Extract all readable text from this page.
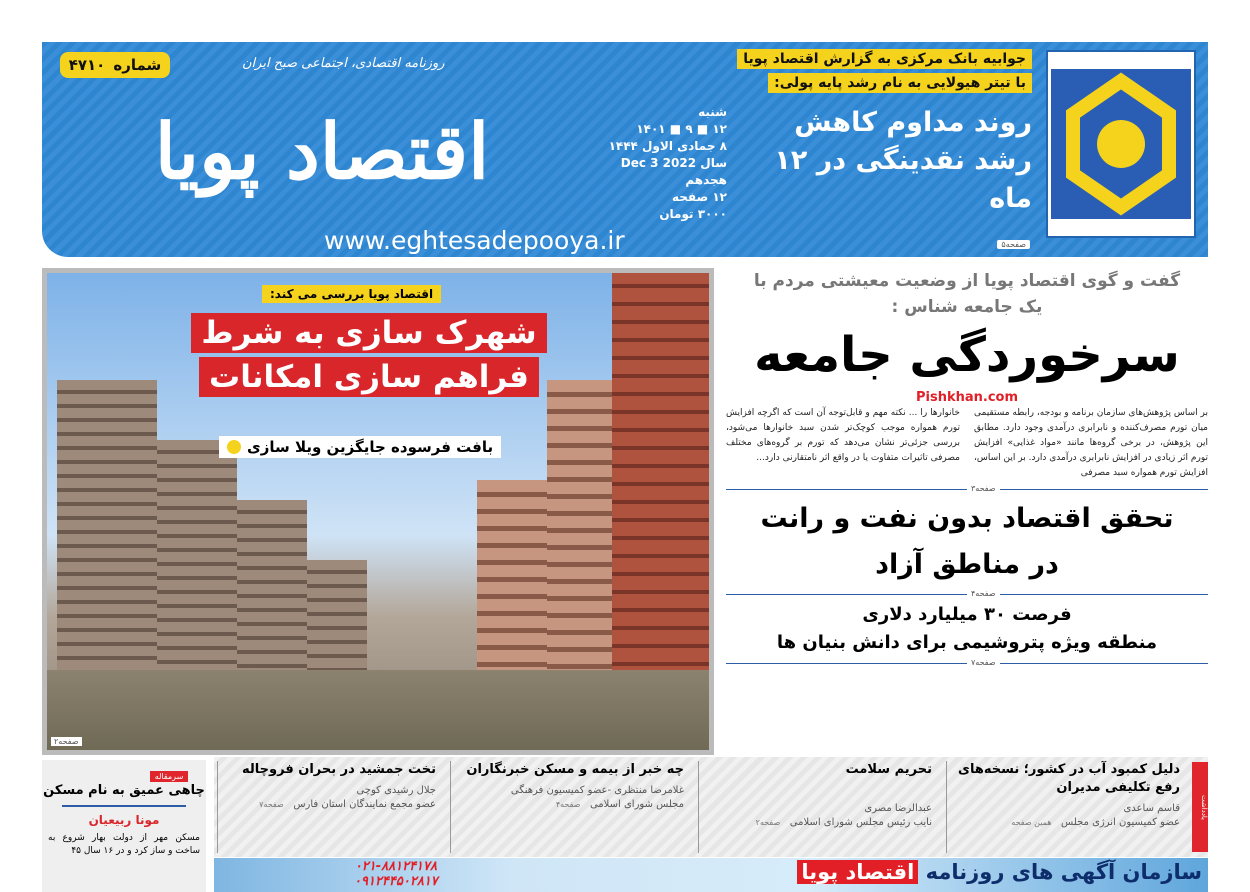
شماره
۴۷۱۰	روزنامه اقتصادی، اجتماعی صبح ایران
اقتصاد پویا
www.eghtesadepooya.ir
شنبه
۱۲ ■ ۹ ■ ۱۴۰۱
۸ جمادی الاول ۱۴۴۴
سال Dec 3 2022
هجدهم
۱۲ صفحه
۳۰۰۰ تومان
جوابیه بانک مرکزی به گزارش اقتصاد پویا
با تیتر هیولایی به نام رشد پایه پولی:
روند مداوم کاهش رشد نقدینگی در ۱۲ ماه
صفحه۵
اقتصاد پویا بررسی می کند:
شهرک سازی به شرط
فراهم سازی امکانات
بافت فرسوده جایگزین ویلا سازی
صفحه۲
گفت و گوی اقتصاد پویا از وضعیت معیشتی مردم با
یک جامعه شناس :
سرخوردگی جامعه
Pishkhan.com

بر اساس پژوهش‌های سازمان برنامه و بودجه، رابطه مستقیمی میان تورم مصرف‌کننده و نابرابری درآمدی وجود دارد. مطابق این پژوهش، در برخی گروه‌ها مانند «مواد غذایی» افزایش تورم اثر زیادی در افزایش نابرابری درآمدی دارد. بر این اساس، افزایش تورم همواره سبد مصرفی

خانوارها را ... نکته مهم و قابل‌توجه آن است که اگرچه افزایش تورم همواره موجب کوچک‌تر شدن سبد خانوارها می‌شود، بررسی جزئی‌تر نشان می‌دهد که تورم بر گروه‌های مختلف مصرفی تاثیرات متفاوت یا در واقع اثر نامتقارنی دارد...

صفحه۳
تحقق اقتصاد بدون نفت و رانت
در مناطق آزاد
صفحه۴
فرصت ۳۰ میلیارد دلاری
منطقه ویژه پتروشیمی برای دانش بنیان ها
صفحه۷
یادداشت
دلیل کمبود آب در کشور؛ نسخه‌های رفع تکلیفی مدیران
قاسم ساعدی
عضو کمیسیون انرژی مجلس   همین صفحه
تحریم سلامت
عبدالرضا مصری
نایب رئیس مجلس شورای اسلامی   صفحه۲
چه خبر از بیمه و مسکن خبرنگاران
غلامرضا منتظری -عضو کمیسیون فرهنگی
مجلس شورای اسلامی   صفحه۴
تخت جمشید در بحران فروچاله
جلال رشیدی کوچی
عضو مجمع نمایندگان استان فارس   صفحه۷
سرمقاله
چاهی عمیق به نام مسکن
مونا ربیعیان
مسکن مهر از دولت بهار شروع به ساخت و ساز کرد و در ۱۶ سال ۴۵
سازمان آگهی های روزنامه اقتصاد پویا
۰۲۱-۸۸۱۲۴۱۷۸
۰۹۱۲۴۴۵۰۲۸۱۷
